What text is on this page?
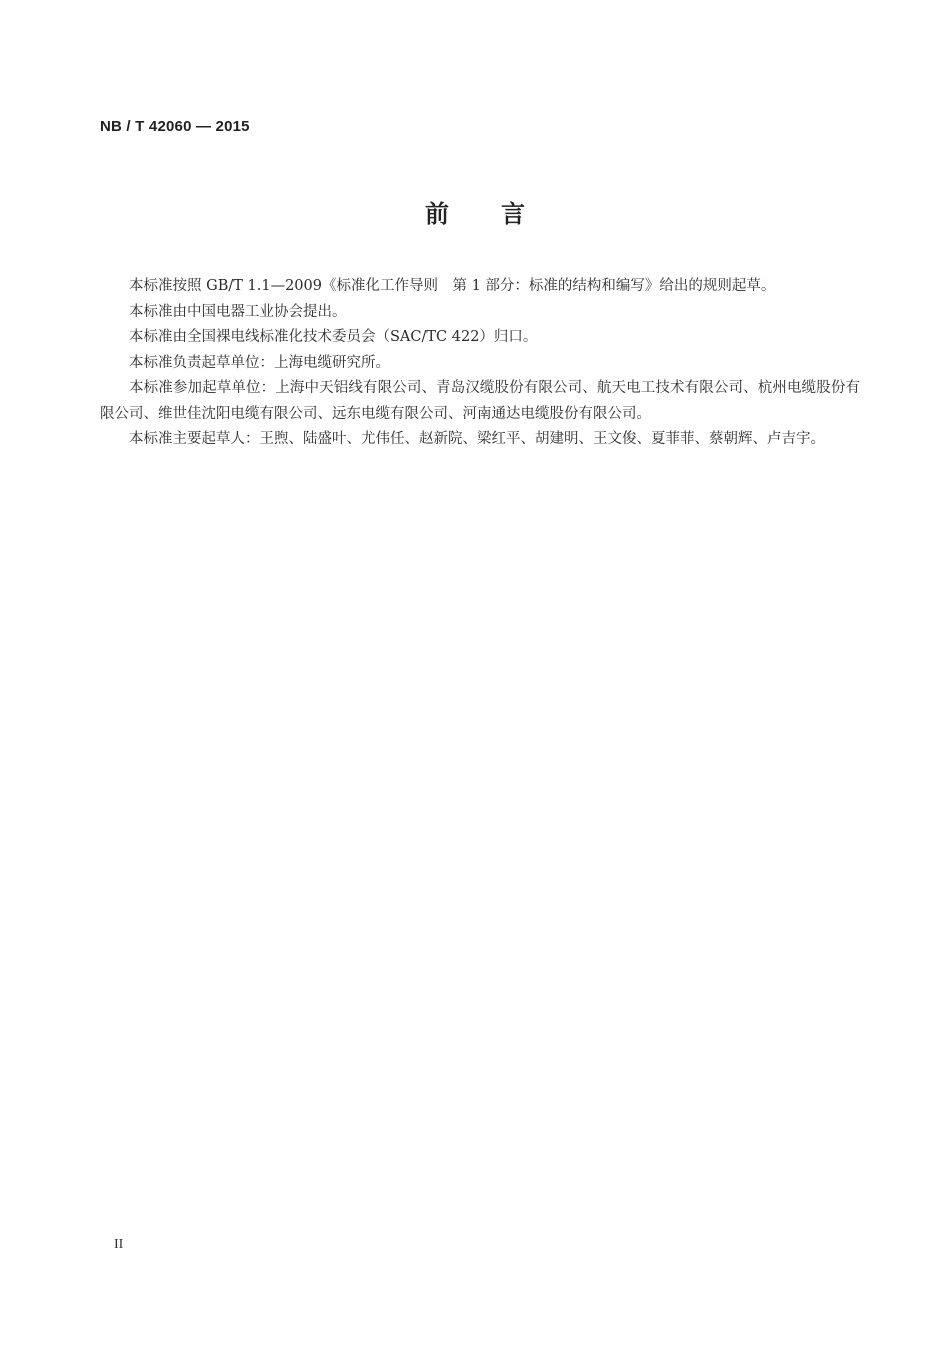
NB / T 42060 — 2015
前言

本标准按照 GB/T 1.1—2009《标准化工作导则　第 1 部分：标准的结构和编写》给出的规则起草。

本标准由中国电器工业协会提出。

本标准由全国裸电线标准化技术委员会（SAC/TC 422）归口。

本标准负责起草单位：上海电缆研究所。

本标准参加起草单位：上海中天铝线有限公司、青岛汉缆股份有限公司、航天电工技术有限公司、杭州电缆股份有限公司、维世佳沈阳电缆有限公司、远东电缆有限公司、河南通达电缆股份有限公司。

本标准主要起草人：王煦、陆盛叶、尤伟任、赵新院、梁红平、胡建明、王文俊、夏菲菲、蔡朝辉、卢吉宇。

II
